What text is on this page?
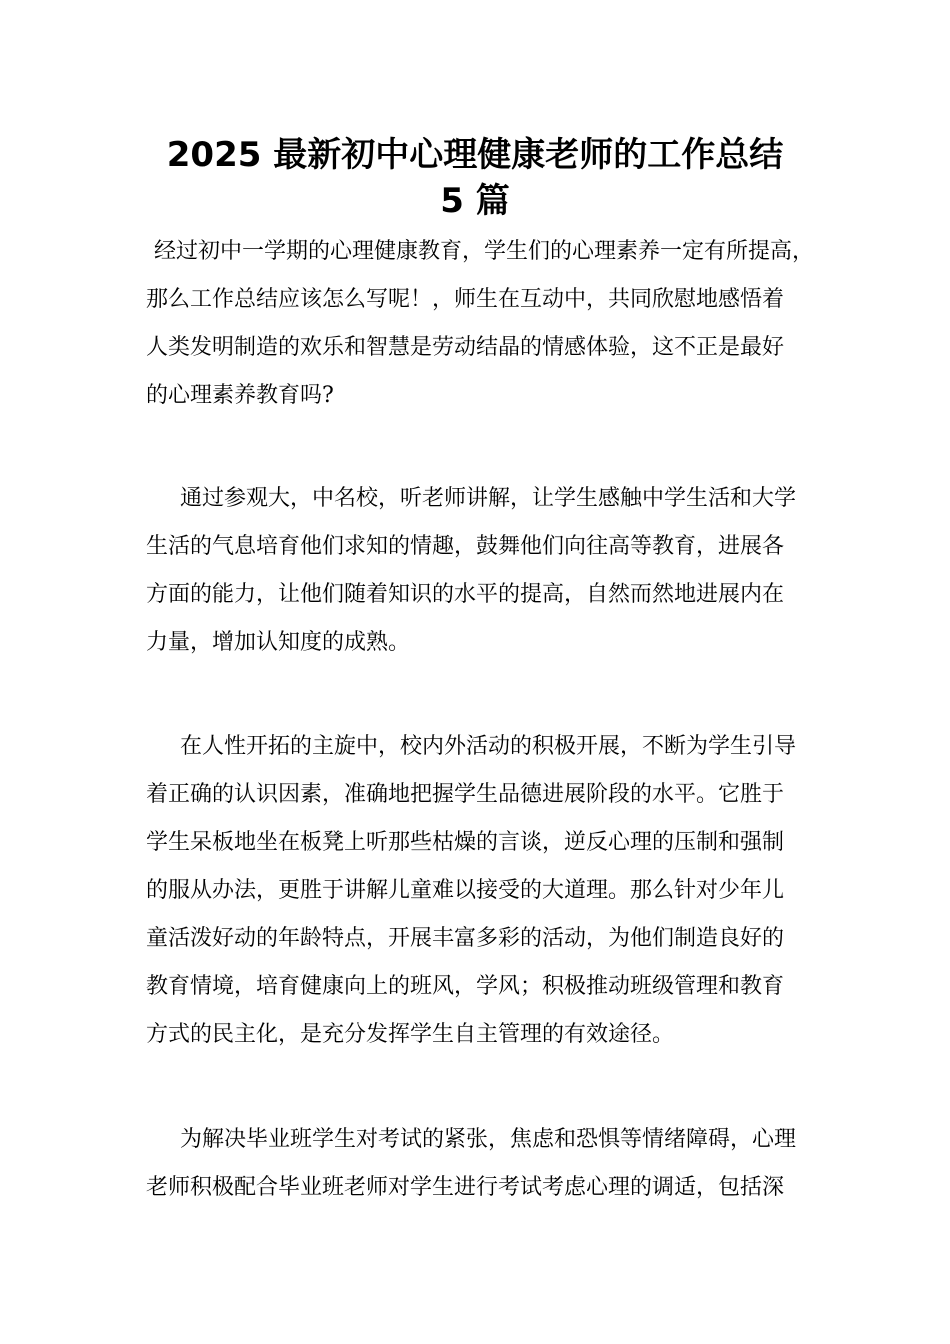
2025 最新初中心理健康老师的工作总结
5 篇

经过初中一学期的心理健康教育，学生们的心理素养一定有所提高，
那么工作总结应该怎么写呢！，师生在互动中，共同欣慰地感悟着
人类发明制造的欢乐和智慧是劳动结晶的情感体验，这不正是最好
的心理素养教育吗?

通过参观大，中名校，听老师讲解，让学生感触中学生活和大学
生活的气息培育他们求知的情趣，鼓舞他们向往高等教育，进展各
方面的能力，让他们随着知识的水平的提高，自然而然地进展内在
力量，增加认知度的成熟。

在人性开拓的主旋中，校内外活动的积极开展，不断为学生引导
着正确的认识因素，准确地把握学生品德进展阶段的水平。它胜于
学生呆板地坐在板凳上听那些枯燥的言谈，逆反心理的压制和强制
的服从办法，更胜于讲解儿童难以接受的大道理。那么针对少年儿
童活泼好动的年龄特点，开展丰富多彩的活动，为他们制造良好的
教育情境，培育健康向上的班风，学风；积极推动班级管理和教育
方式的民主化，是充分发挥学生自主管理的有效途径。

为解决毕业班学生对考试的紧张，焦虑和恐惧等情绪障碍，心理
老师积极配合毕业班老师对学生进行考试考虑心理的调适，包括深
